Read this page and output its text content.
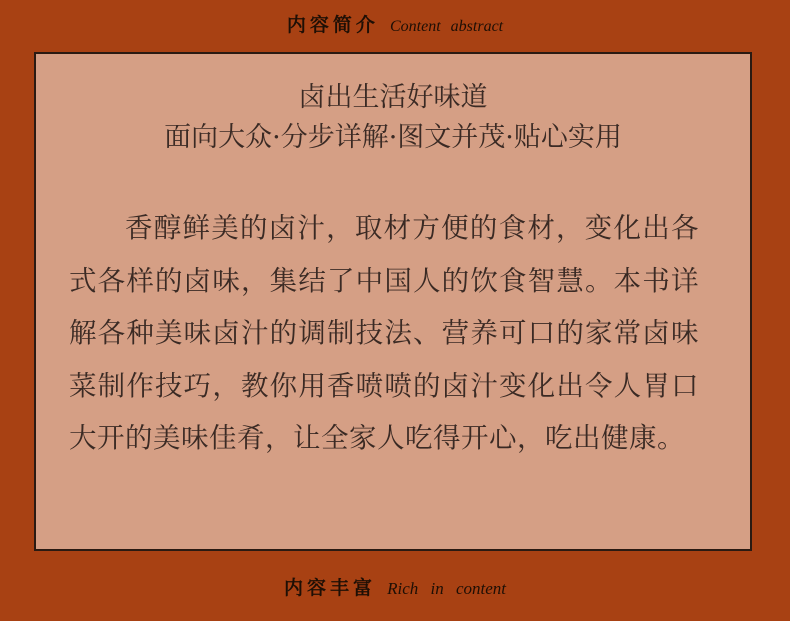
内容简介 Content abstract
卤出生活好味道
面向大众·分步详解·图文并茂·贴心实用

香醇鲜美的卤汁，取材方便的食材，变化出各式各样的卤味，集结了中国人的饮食智慧。本书详解各种美味卤汁的调制技法、营养可口的家常卤味菜制作技巧，教你用香喷喷的卤汁变化出令人胃口大开的美味佳肴，让全家人吃得开心，吃出健康。

内容丰富 Rich in content
